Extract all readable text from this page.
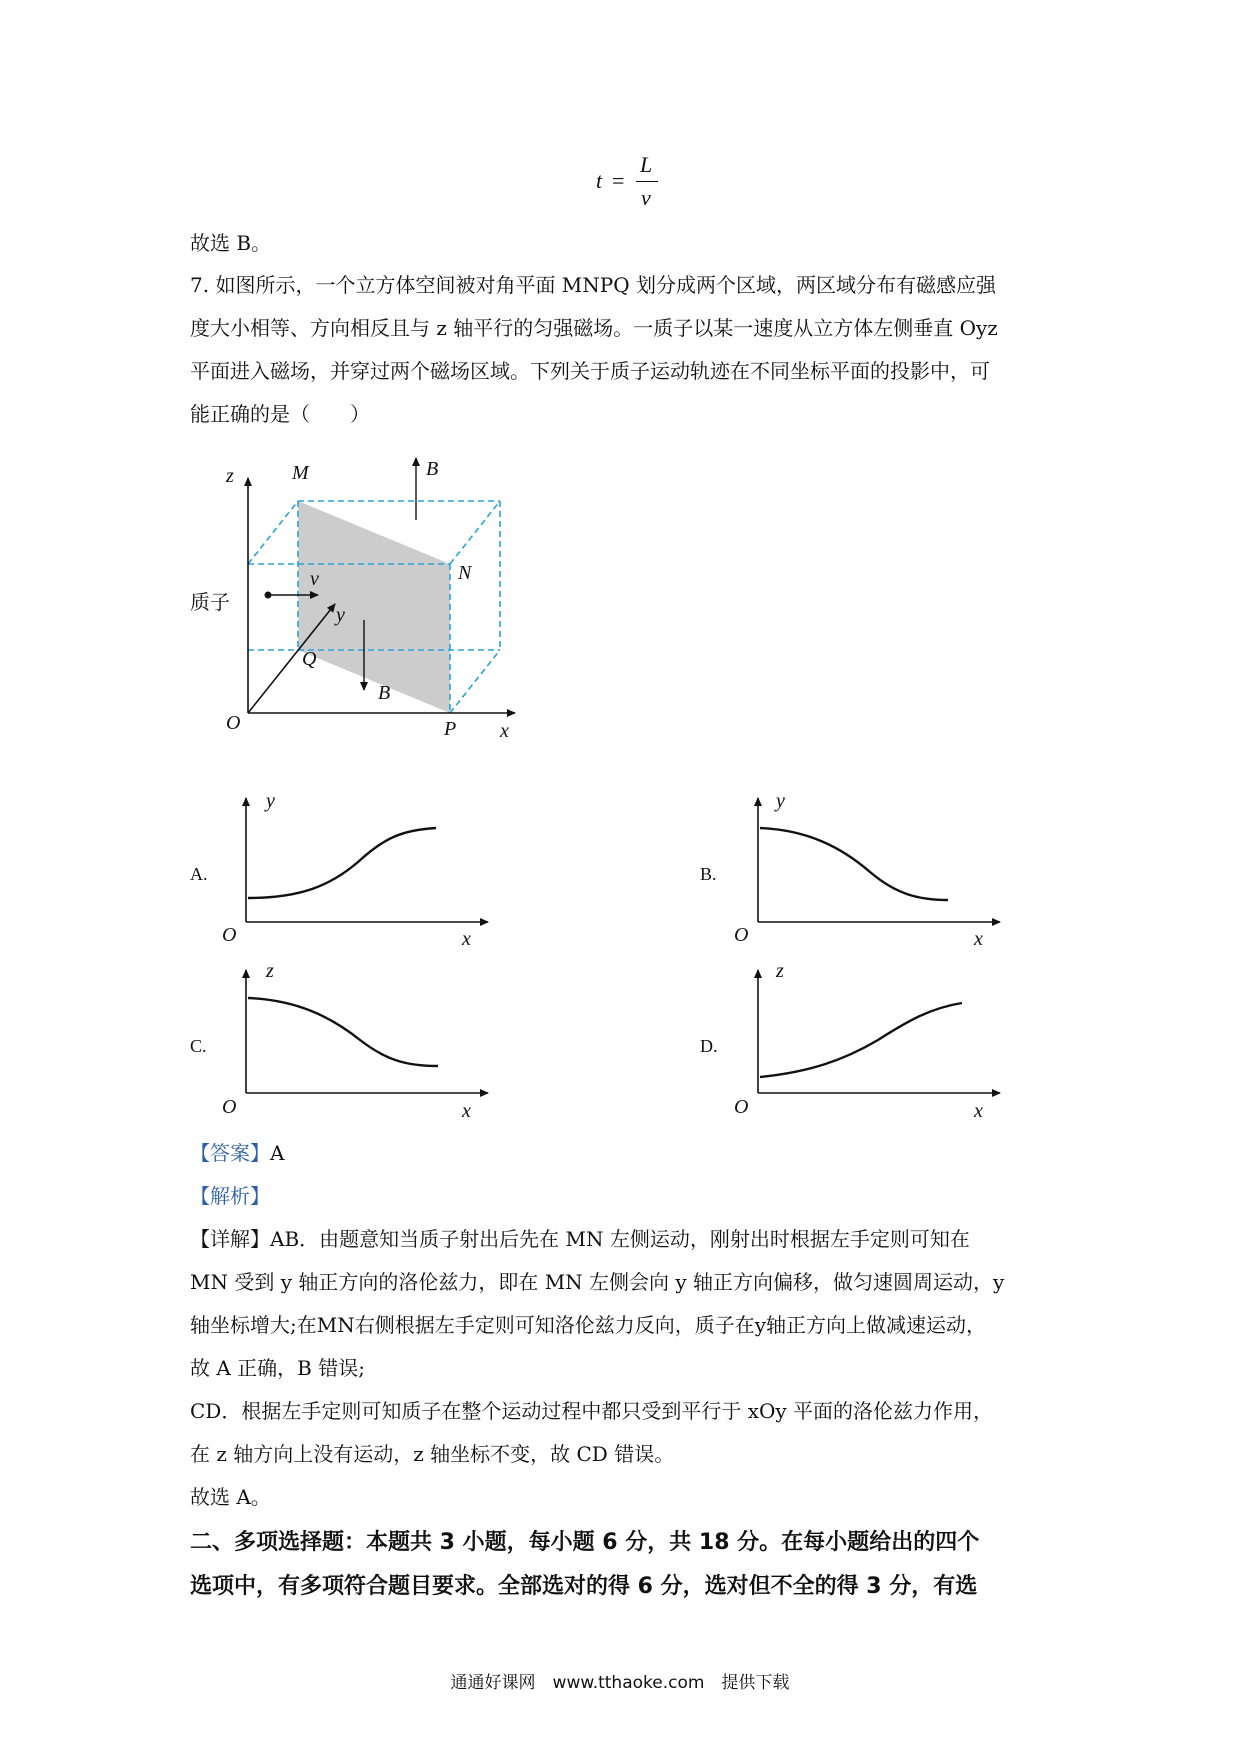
t =
L
v
故选 B。
7. 如图所示，一个立方体空间被对角平面 MNPQ 划分成两个区域，两区域分布有磁感应强
度大小相等、方向相反且与 z 轴平行的匀强磁场。一质子以某一速度从立方体左侧垂直 Oyz
平面进入磁场，并穿过两个磁场区域。下列关于质子运动轨迹在不同坐标平面的投影中，可
能正确的是（　　）
z	M	B
N
质子
v
y
Q
B
O	P x
A.
y
O	x
B.
y
O	x
C.
z
O	x
D.
z
O	x
【答案】A
【解析】
【详解】AB．由题意知当质子射出后先在 MN 左侧运动，刚射出时根据左手定则可知在
MN 受到 y 轴正方向的洛伦兹力，即在 MN 左侧会向 y 轴正方向偏移，做匀速圆周运动，y
轴坐标增大;在MN右侧根据左手定则可知洛伦兹力反向，质子在y轴正方向上做减速运动，
故 A 正确，B 错误;
CD．根据左手定则可知质子在整个运动过程中都只受到平行于 xOy 平面的洛伦兹力作用，
在 z 轴方向上没有运动，z 轴坐标不变，故 CD 错误。
故选 A。
二、多项选择题：本题共 3 小题，每小题 6 分，共 18 分。在每小题给出的四个
选项中，有多项符合题目要求。全部选对的得 6 分，选对但不全的得 3 分，有选
通通好课网　www.tthaoke.com　提供下载
